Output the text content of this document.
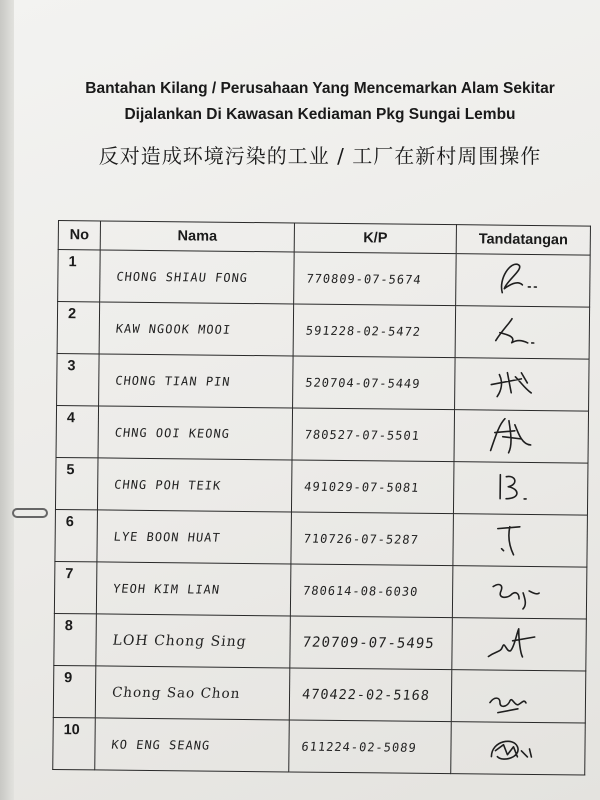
Bantahan Kilang / Perusahaan Yang Mencemarkan Alam Sekitar
Dijalankan Di Kawasan Kediaman Pkg Sungai Lembu
反对造成环境污染的工业 / 工厂在新村周围操作
No	Nama	K/P	Tandatangan
1	CHONG SHIAU FONG	770809-07-5674

2	KAW NGOOK MOOI	591228-02-5472

3	CHONG TIAN PIN	520704-07-5449

4	CHNG OOI KEONG	780527-07-5501

5	CHNG POH TEIK	491029-07-5081

6	LYE BOON HUAT	710726-07-5287

7	YEOH KIM LIAN	780614-08-6030

8	LOH Chong Sing	720709-07-5495

9	Chong Sao Chon	470422-02-5168

10	KO ENG SEANG	611224-02-5089
